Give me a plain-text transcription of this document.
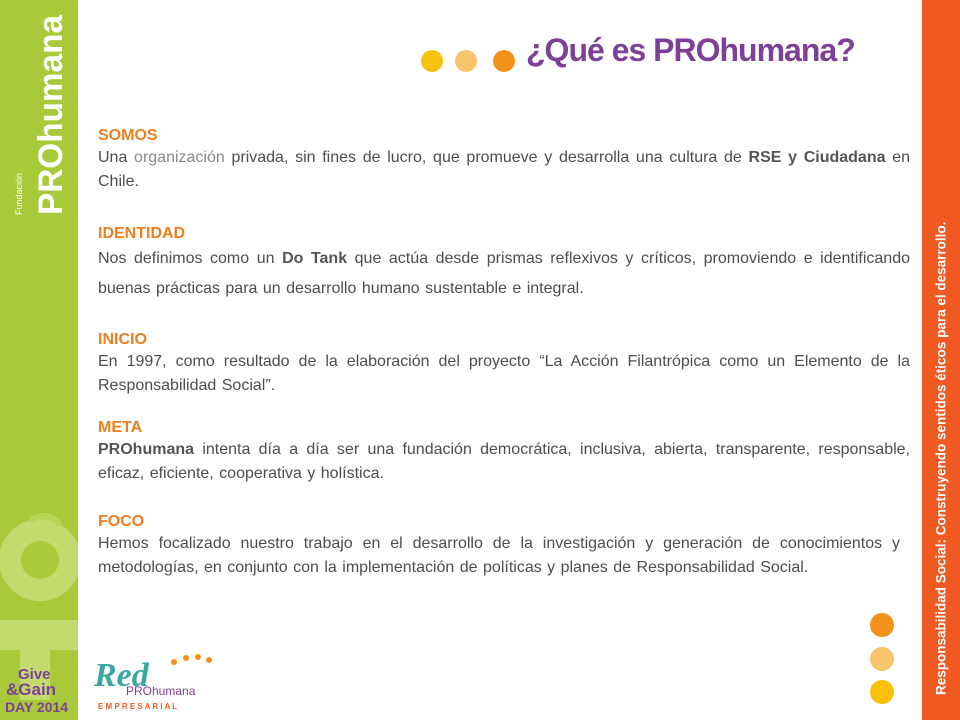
Fundación PROhumana
Give
&Gain
DAY 2014
Responsabilidad Social: Construyendo sentidos éticos para el desarrollo.
¿Qué es PROhumana?
SOMOS
Una organización privada, sin fines de lucro, que promueve y desarrolla una cultura de RSE y Ciudadana en Chile.
IDENTIDAD
Nos definimos como un Do Tank que actúa desde prismas reflexivos y críticos, promoviendo e identificando buenas prácticas para un desarrollo humano sustentable e integral.
INICIO
En 1997, como resultado de la elaboración del proyecto “La Acción Filantrópica como un Elemento de la Responsabilidad Social”.
META
PROhumana intenta día a día ser una fundación democrática, inclusiva, abierta, transparente, responsable, eficaz, eficiente, cooperativa y holística.
FOCO
Hemos focalizado nuestro trabajo en el desarrollo de la investigación y generación de conocimientos y metodologías, en conjunto con la implementación de políticas y planes de Responsabilidad Social.
Red
PROhumana
E M P R E S A R I A L
